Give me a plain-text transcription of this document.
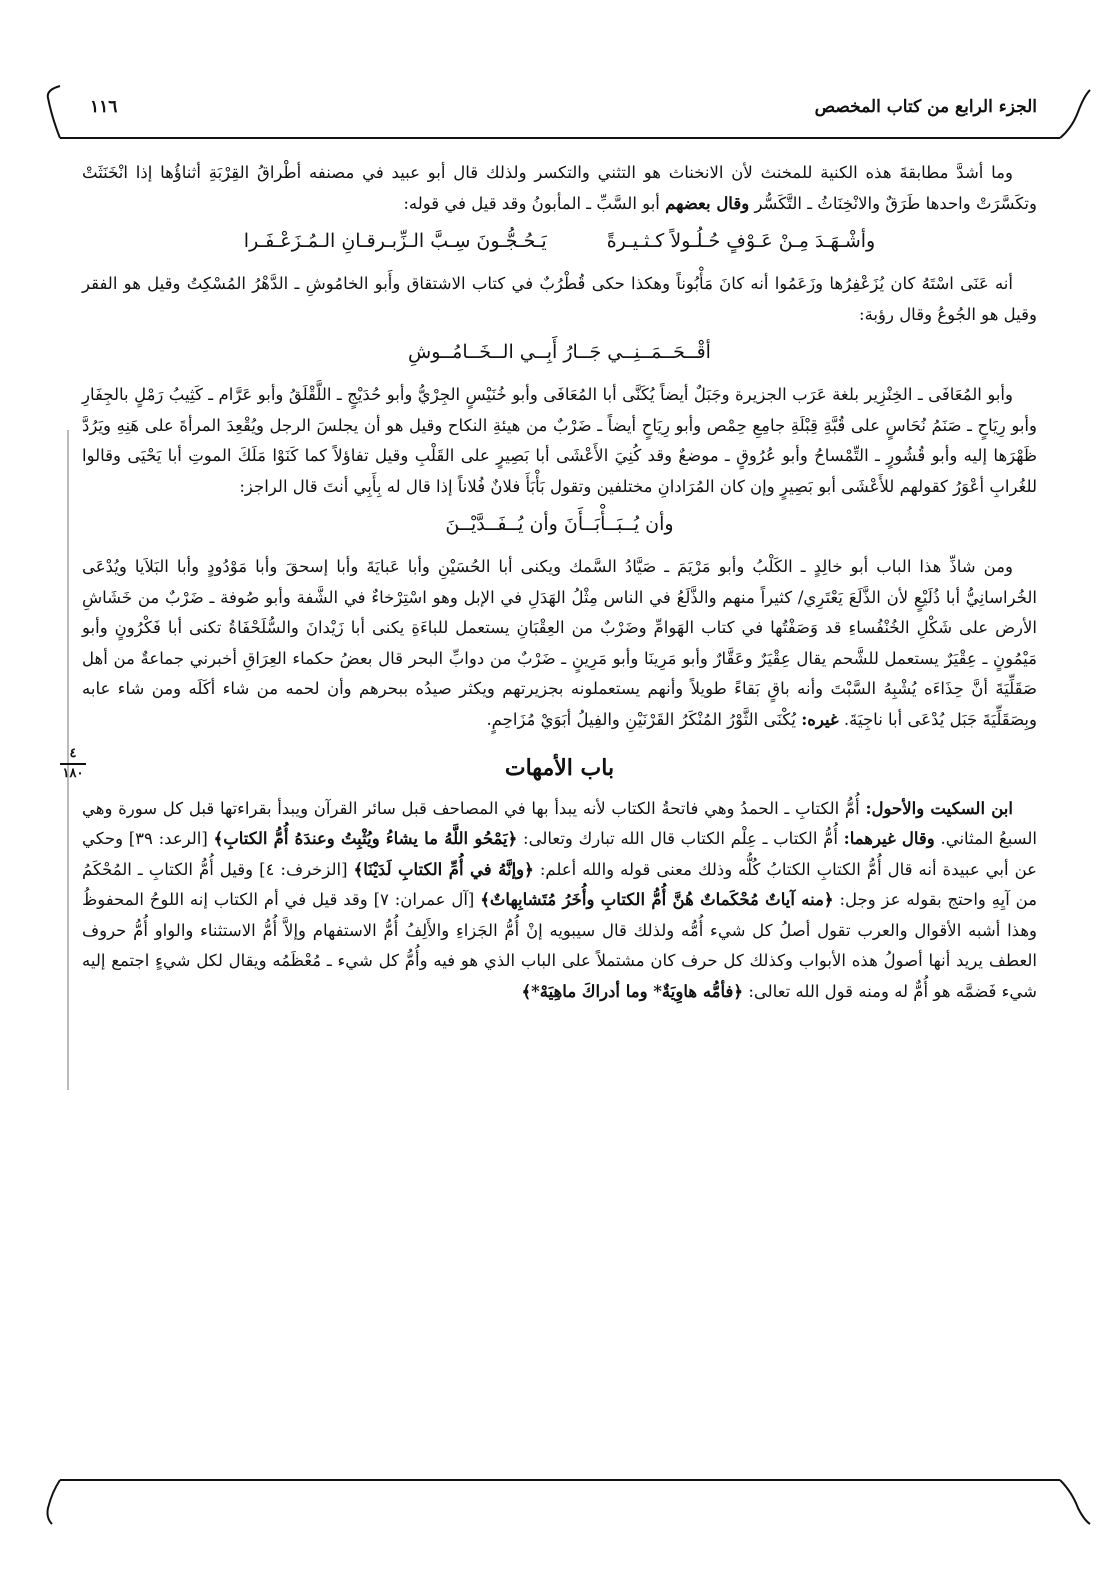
الجزء الرابع من كتاب المخصص
١١٦
٤
١٨٠

وما أشدَّ مطابقةَ هذه الكنية للمخنث لأن الانخناث هو التثني والتكسر ولذلك قال أبو عبيد في مصنفه أطْراقُ القِرْبَةِ أثناؤُها إذا انْخَنَثَتْ وتكَسَّرَتْ واحدها طَرَقٌ والانْخِنَاثُ ـ التَّكَسُّر وقال بعضهم أبو السَّبِّ ـ المأبونُ وقد قيل في قوله:

وأشْـهَـدَ مِـنْ عَـوْفٍ حُـلُـولاً كـثـيـرةً
يَـحُـجُّـونَ سِـبَّ الـزِّبـرقـانِ الـمُـزَعْـفَـرا

أنه عَنَى اسْتَهُ كان يُزَعْفِرُها وزَعَمُوا أنه كانَ مَأْبُوناً وهكذا حكى قُطْرُبٌ في كتاب الاشتقاق وأَبو الخامُوشِ ـ الدَّهْرُ المُسْكِتُ وقيل هو الفقر وقيل هو الجُوعُ وقال رؤبة:

أقْــحَــمَــنِــي جَــارُ أَبِــي الــخَــامُــوشِ

وأبو المُعَافَى ـ الخِنْزِير بلغة عَرَب الجزيرة وجَبَلٌ أيضاً يُكَنَّى أبا المُعَافَى وأبو خُنَيْسٍ الجِرْيُّ وأبو حُدَيْجٍ ـ اللَّقْلَقُ وأبو عَرَّام ـ كَثِيبُ رَمْلٍ بالجِفَارِ وأبو رِيَاحٍ ـ صَنَمُ نُحَاسٍ على قُبَّةِ قِبْلَةِ جامِعِ حِمْص وأبو رِيَاحٍ أيضاً ـ ضَرْبٌ من هيئةِ النكاح وقيل هو أن يجلسَ الرجل ويُقْعِدَ المرأةَ على هَنِهِ ويَرُدَّ ظَهْرَها إليه وأبو قُشُورٍ ـ التِّمْساحُ وأبو عُرُوقٍ ـ موضعٌ وقد كُنِيَ الأَعْشَى أبا بَصِيرٍ على القَلْبِ وقيل تفاؤلاً كما كَنَوْا مَلَكَ الموتِ أبا يَحْيَى وقالوا للغُرابِ أعْوَرُ كقولهم للأَعْشَى أبو بَصِيرٍ وإن كان المُرَادانِ مختلفين وتقول بَأْبَأَ فلانٌ فُلاناً إذا قال له بِأَبِي أنتَ قال الراجز:

وأن يُــبَــأْبَــأَنَ وأن يُــفَــدَّيْــنَ

ومن شاذِّ هذا الباب أبو خالِدٍ ـ الكَلْبُ وأبو مَرْيَمَ ـ صَيَّادُ السَّمك ويكنى أبا الحُسَيْنِ وأبا عَبايَةَ وأبا إسحقَ وأبا مَوْدُودٍ وأبا البَلاَيا ويُدْعَى الخُراسانِيُّ أبا ذُلَيْعٍ لأن الذَّلَعَ يَعْتَرِي/ كثيراً منهم والذَّلَعُ في الناس مِثْلُ الهَدَلِ في الإبل وهو اسْتِرْخاءٌ في الشَّفة وأبو صُوفة ـ ضَرْبٌ من خَشَاشِ الأرض على شَكْلِ الخُنْفُساءِ قد وَصَفْتُها في كتاب الهَوامِّ وضَرْبٌ من العِقْبَانِ يستعمل للباءَةِ يكنى أبا زَيْدانَ والسُّلَحْفَاةُ تكنى أبا فَكْرُونٍ وأبو مَيْمُونٍ ـ عِقْيَرٌ يستعمل للشَّحم يقال عِقْيَرٌ وعَقَّارٌ وأبو مَرِينَا وأبو مَرِينٍ ـ ضَرْبٌ من دوابِّ البحر قال بعضُ حكماء العِرَاقِ أخبرني جماعةٌ من أهل صَقَلِّيَةَ أنَّ حِذَاءَه يُشْبِهُ السَّبْتَ وأنه باقٍ بَقاءً طويلاً وأنهم يستعملونه بجزيرتهم ويكثر صيدُه ببحرهم وأن لحمه من شاء أكَلَه ومن شاء عابه وبِصَقَلِّيَةَ جَبَل يُدْعَى أبا ناجِيَةَ. غيره: يُكْنَى الثَّوْرُ المُنْكَرُ القَرْنَيْنِ والفِيلُ أبَوَيْ مُزَاحِمٍ.

باب الأمهات

ابن السكيت والأحول: أُمُّ الكتابِ ـ الحمدُ وهي فاتحةُ الكتاب لأنه يبدأ بها في المصاحف قبل سائر القرآن ويبدأ بقراءتها قبل كل سورة وهي السبعُ المثاني. وقال غيرهما: أُمُّ الكتاب ـ عِلْم الكتاب قال الله تبارك وتعالى: ﴿يَمْحُو اللَّهُ ما يشاءُ ويُثْبِتُ وعندَهُ أُمُّ الكتابِ﴾ [الرعد: ٣٩] وحكي عن أبي عبيدة أنه قال أُمُّ الكتابِ الكتابُ كُلُّه وذلك معنى قوله والله أعلم: ﴿وإنَّهُ في أُمِّ الكتابِ لَدَيْنَا﴾ [الزخرف: ٤] وقيل أُمُّ الكتابِ ـ المُحْكَمُ من آيِهِ واحتج بقوله عز وجل: ﴿منه آياتٌ مُحْكَماتٌ هُنَّ أُمُّ الكتابِ وأُخَرُ مُتَشابِهاتٌ﴾ [آل عمران: ٧] وقد قيل في أم الكتاب إنه اللوحُ المحفوظُ وهذا أشبه الأقوال والعرب تقول أصلُ كل شيء أُمُّه ولذلك قال سيبويه إنْ أُمُّ الجَزاءِ والأَلِفُ أُمُّ الاستفهام وإلاَّ أُمُّ الاستثناء والواو أُمُّ حروف العطف يريد أنها أصولُ هذه الأبواب وكذلك كل حرف كان مشتملاً على الباب الذي هو فيه وأُمُّ كل شيء ـ مُعْظَمُه ويقال لكل شيءٍ اجتمع إليه شيء فَضمَّه هو أُمٌّ له ومنه قول الله تعالى: ﴿فأمُّه هاوِيَةٌ* وما أدراكَ ماهِيَهْ*﴾
